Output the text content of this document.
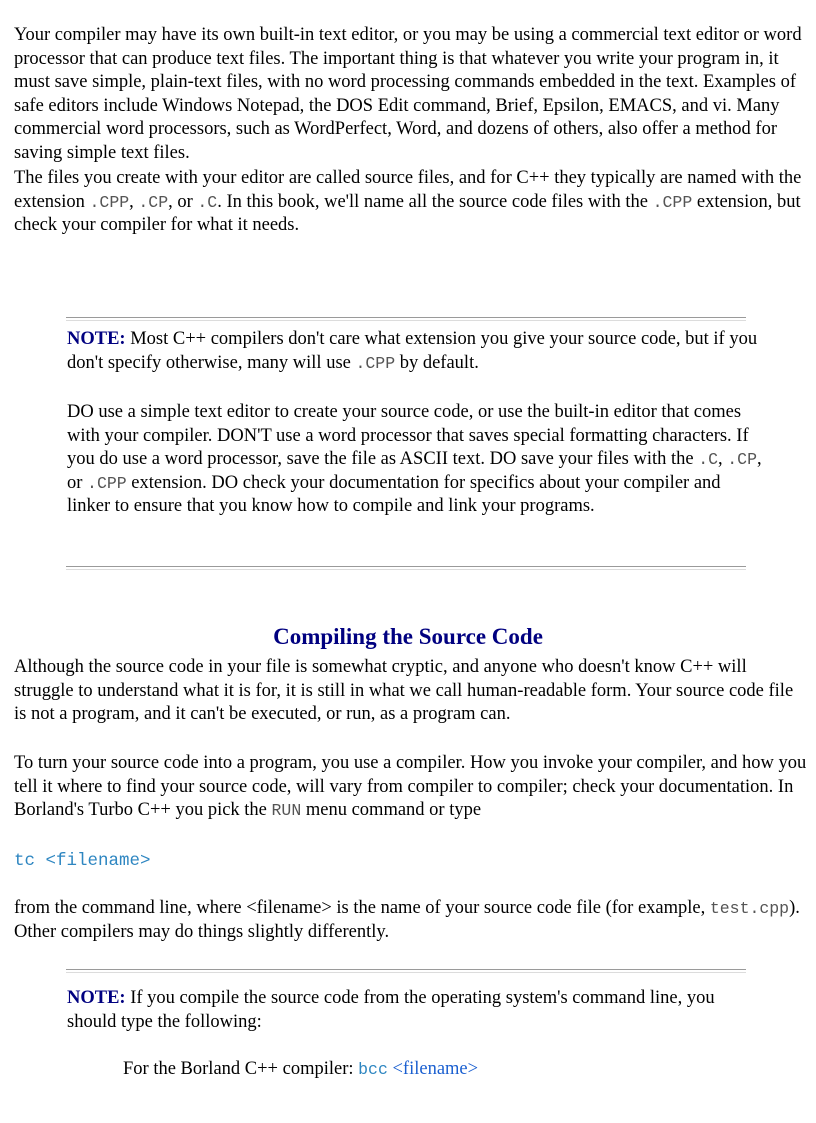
Your compiler may have its own built-in text editor, or you may be using a commercial text editor or word processor that can produce text files. The important thing is that whatever you write your program in, it must save simple, plain-text files, with no word processing commands embedded in the text. Examples of safe editors include Windows Notepad, the DOS Edit command, Brief, Epsilon, EMACS, and vi. Many commercial word processors, such as WordPerfect, Word, and dozens of others, also offer a method for saving simple text files.

The files you create with your editor are called source files, and for C++ they typically are named with the extension .CPP, .CP, or .C. In this book, we'll name all the source code files with the .CPP extension, but check your compiler for what it needs.

NOTE: Most C++ compilers don't care what extension you give your source code, but if you don't specify otherwise, many will use .CPP by default.

DO use a simple text editor to create your source code, or use the built-in editor that comes with your compiler. DON'T use a word processor that saves special formatting characters. If you do use a word processor, save the file as ASCII text. DO save your files with the .C, .CP, or .CPP extension. DO check your documentation for specifics about your compiler and linker to ensure that you know how to compile and link your programs.

Compiling the Source Code

Although the source code in your file is somewhat cryptic, and anyone who doesn't know C++ will struggle to understand what it is for, it is still in what we call human-readable form. Your source code file is not a program, and it can't be executed, or run, as a program can.

To turn your source code into a program, you use a compiler. How you invoke your compiler, and how you tell it where to find your source code, will vary from compiler to compiler; check your documentation. In Borland's Turbo C++ you pick the RUN menu command or type

tc <filename>

from the command line, where <filename> is the name of your source code file (for example, test.cpp). Other compilers may do things slightly differently.

NOTE: If you compile the source code from the operating system's command line, you should type the following:

For the Borland C++ compiler: bcc <filename>
